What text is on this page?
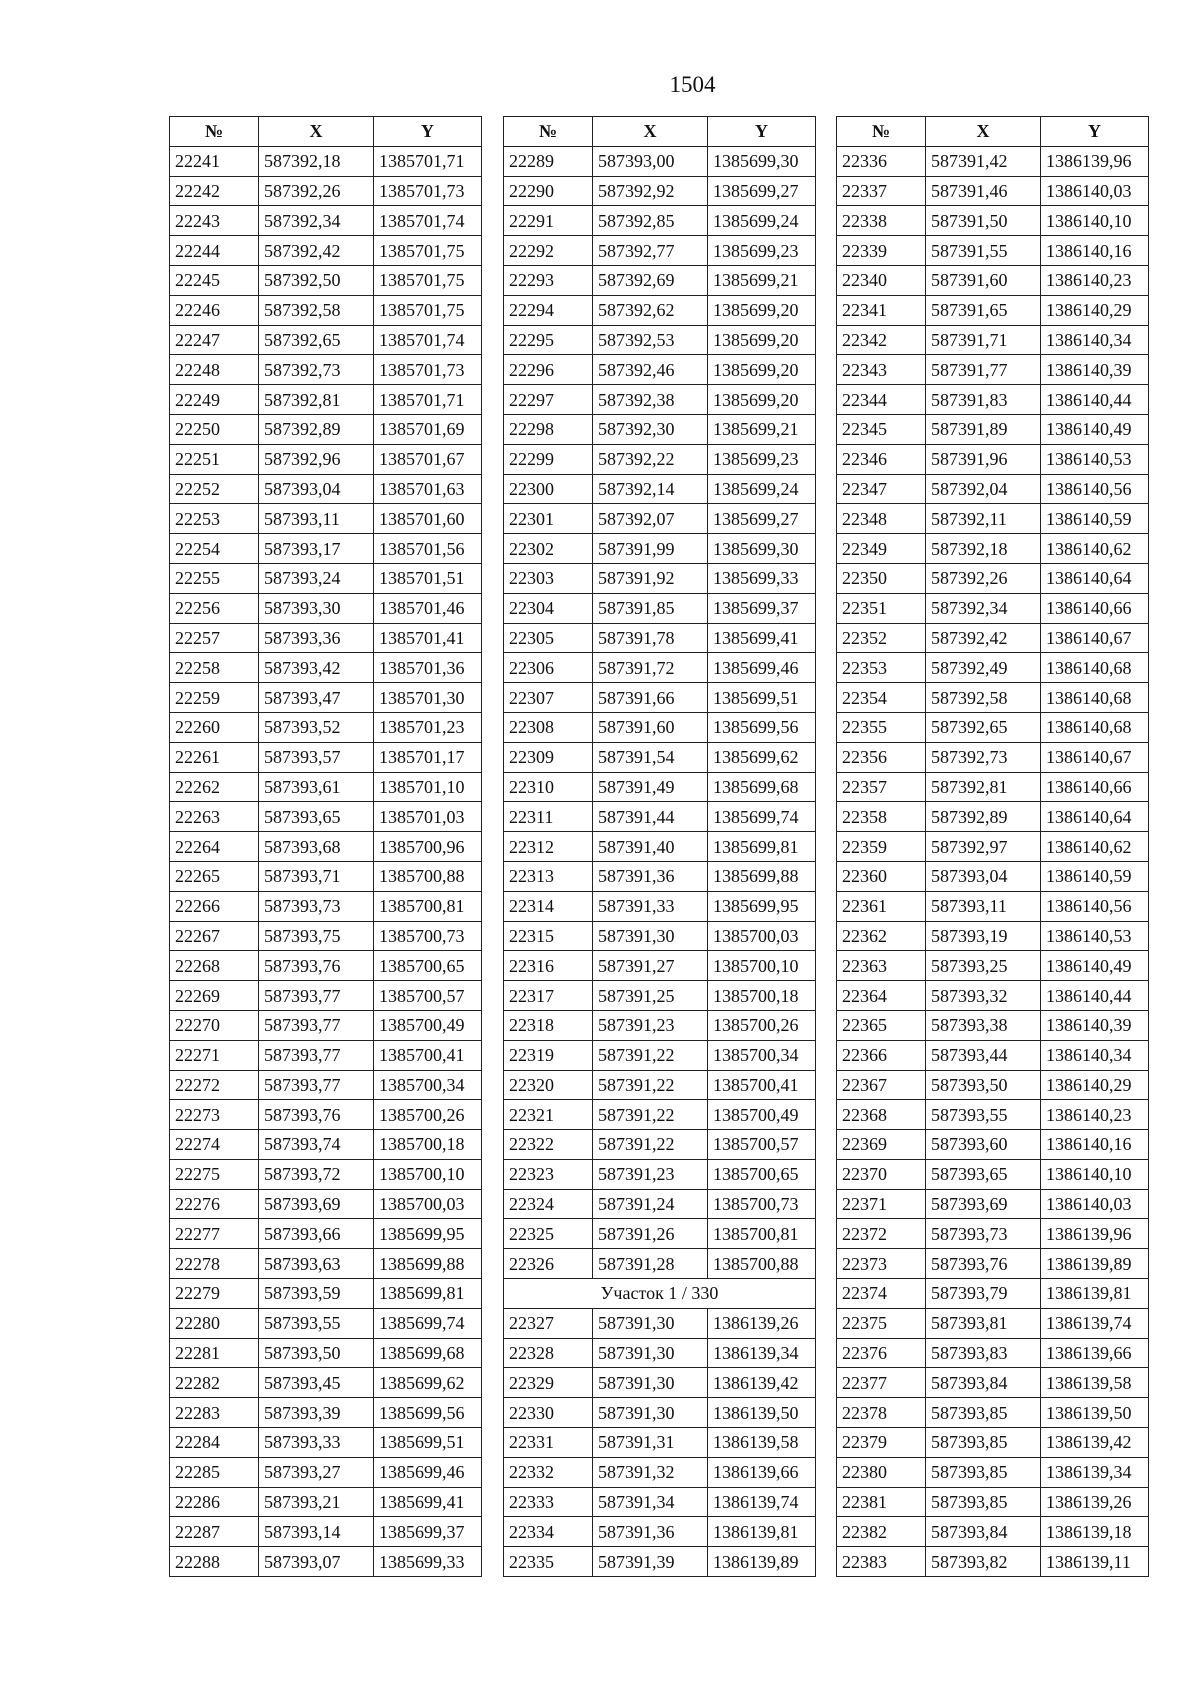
1504
№	X	Y
22241	587392,18	1385701,71
22242	587392,26	1385701,73
22243	587392,34	1385701,74
22244	587392,42	1385701,75
22245	587392,50	1385701,75
22246	587392,58	1385701,75
22247	587392,65	1385701,74
22248	587392,73	1385701,73
22249	587392,81	1385701,71
22250	587392,89	1385701,69
22251	587392,96	1385701,67
22252	587393,04	1385701,63
22253	587393,11	1385701,60
22254	587393,17	1385701,56
22255	587393,24	1385701,51
22256	587393,30	1385701,46
22257	587393,36	1385701,41
22258	587393,42	1385701,36
22259	587393,47	1385701,30
22260	587393,52	1385701,23
22261	587393,57	1385701,17
22262	587393,61	1385701,10
22263	587393,65	1385701,03
22264	587393,68	1385700,96
22265	587393,71	1385700,88
22266	587393,73	1385700,81
22267	587393,75	1385700,73
22268	587393,76	1385700,65
22269	587393,77	1385700,57
22270	587393,77	1385700,49
22271	587393,77	1385700,41
22272	587393,77	1385700,34
22273	587393,76	1385700,26
22274	587393,74	1385700,18
22275	587393,72	1385700,10
22276	587393,69	1385700,03
22277	587393,66	1385699,95
22278	587393,63	1385699,88
22279	587393,59	1385699,81
22280	587393,55	1385699,74
22281	587393,50	1385699,68
22282	587393,45	1385699,62
22283	587393,39	1385699,56
22284	587393,33	1385699,51
22285	587393,27	1385699,46
22286	587393,21	1385699,41
22287	587393,14	1385699,37
22288	587393,07	1385699,33
№	X	Y
22289	587393,00	1385699,30
22290	587392,92	1385699,27
22291	587392,85	1385699,24
22292	587392,77	1385699,23
22293	587392,69	1385699,21
22294	587392,62	1385699,20
22295	587392,53	1385699,20
22296	587392,46	1385699,20
22297	587392,38	1385699,20
22298	587392,30	1385699,21
22299	587392,22	1385699,23
22300	587392,14	1385699,24
22301	587392,07	1385699,27
22302	587391,99	1385699,30
22303	587391,92	1385699,33
22304	587391,85	1385699,37
22305	587391,78	1385699,41
22306	587391,72	1385699,46
22307	587391,66	1385699,51
22308	587391,60	1385699,56
22309	587391,54	1385699,62
22310	587391,49	1385699,68
22311	587391,44	1385699,74
22312	587391,40	1385699,81
22313	587391,36	1385699,88
22314	587391,33	1385699,95
22315	587391,30	1385700,03
22316	587391,27	1385700,10
22317	587391,25	1385700,18
22318	587391,23	1385700,26
22319	587391,22	1385700,34
22320	587391,22	1385700,41
22321	587391,22	1385700,49
22322	587391,22	1385700,57
22323	587391,23	1385700,65
22324	587391,24	1385700,73
22325	587391,26	1385700,81
22326	587391,28	1385700,88
Участок 1 / 330		
22327	587391,30	1386139,26
22328	587391,30	1386139,34
22329	587391,30	1386139,42
22330	587391,30	1386139,50
22331	587391,31	1386139,58
22332	587391,32	1386139,66
22333	587391,34	1386139,74
22334	587391,36	1386139,81
22335	587391,39	1386139,89
№	X	Y
22336	587391,42	1386139,96
22337	587391,46	1386140,03
22338	587391,50	1386140,10
22339	587391,55	1386140,16
22340	587391,60	1386140,23
22341	587391,65	1386140,29
22342	587391,71	1386140,34
22343	587391,77	1386140,39
22344	587391,83	1386140,44
22345	587391,89	1386140,49
22346	587391,96	1386140,53
22347	587392,04	1386140,56
22348	587392,11	1386140,59
22349	587392,18	1386140,62
22350	587392,26	1386140,64
22351	587392,34	1386140,66
22352	587392,42	1386140,67
22353	587392,49	1386140,68
22354	587392,58	1386140,68
22355	587392,65	1386140,68
22356	587392,73	1386140,67
22357	587392,81	1386140,66
22358	587392,89	1386140,64
22359	587392,97	1386140,62
22360	587393,04	1386140,59
22361	587393,11	1386140,56
22362	587393,19	1386140,53
22363	587393,25	1386140,49
22364	587393,32	1386140,44
22365	587393,38	1386140,39
22366	587393,44	1386140,34
22367	587393,50	1386140,29
22368	587393,55	1386140,23
22369	587393,60	1386140,16
22370	587393,65	1386140,10
22371	587393,69	1386140,03
22372	587393,73	1386139,96
22373	587393,76	1386139,89
22374	587393,79	1386139,81
22375	587393,81	1386139,74
22376	587393,83	1386139,66
22377	587393,84	1386139,58
22378	587393,85	1386139,50
22379	587393,85	1386139,42
22380	587393,85	1386139,34
22381	587393,85	1386139,26
22382	587393,84	1386139,18
22383	587393,82	1386139,11
